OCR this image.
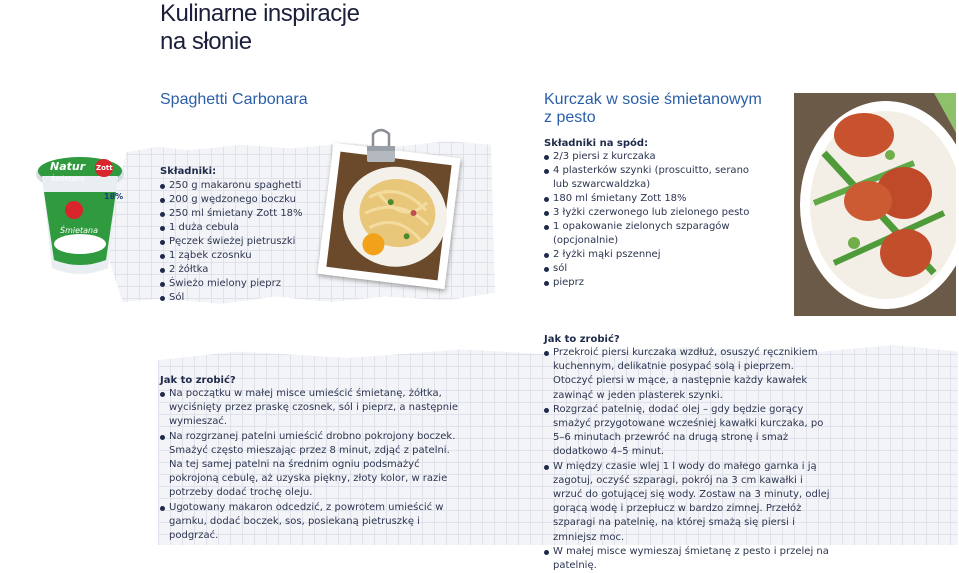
Kulinarne inspiracje
na słonie
Spaghetti Carbonara
Natur
Śmietana
Zott
18%
Śmietana
Składniki:
250 g makaronu spaghetti
200 g wędzonego boczku
250 ml śmietany Zott 18%
1 duża cebula
Pęczek świeżej pietruszki
1 ząbek czosnku
2 żółtka
Świeżo mielony pieprz
Sól
Jak to zrobić?
Na początku w małej misce umieścić śmietanę, żółtka, wyciśnięty przez praskę czosnek, sól i pieprz, a następnie wymieszać.
Na rozgrzanej patelni umieścić drobno pokrojony boczek. Smażyć często mieszając przez 8 minut, zdjąć z patelni. Na tej samej patelni na średnim ogniu podsmażyć pokrojoną cebulę, aż uzyska piękny, złoty kolor, w razie potrzeby dodać trochę oleju.
Ugotowany makaron odcedzić, z powrotem umieścić w garnku, dodać boczek, sos, posiekaną pietruszkę i podgrzać.
Kurczak w sosie śmietanowym
z pesto
Składniki na spód:
2/3 piersi z kurczaka
4 plasterków szynki (proscuitto, serano lub szwarcwaldzka)
180 ml śmietany Zott 18%
3 łyżki czerwonego lub zielonego pesto
1 opakowanie zielonych szparagów (opcjonalnie)
2 łyżki mąki pszennej
sól
pieprz
Jak to zrobić?
Przekroić piersi kurczaka wzdłuż, osuszyć ręcznikiem kuchennym, delikatnie posypać solą i pieprzem. Otoczyć piersi w mące, a następnie każdy kawałek zawinąć w jeden plasterek szynki.
Rozgrzać patelnię, dodać olej – gdy będzie gorący smażyć przygotowane wcześniej kawałki kurczaka, po 5–6 minutach przewróć na drugą stronę i smaż dodatkowo 4–5 minut.
W między czasie wlej 1 l wody do małego garnka i ją zagotuj, oczyść szparagi, pokrój na 3 cm kawałki i wrzuć do gotującej się wody. Zostaw na 3 minuty, odlej gorącą wodę i przepłucz w bardzo zimnej. Przełóż szparagi na patelnię, na której smażą się piersi i zmniejsz moc.
W małej misce wymieszaj śmietanę z pesto i przelej na patelnię.
